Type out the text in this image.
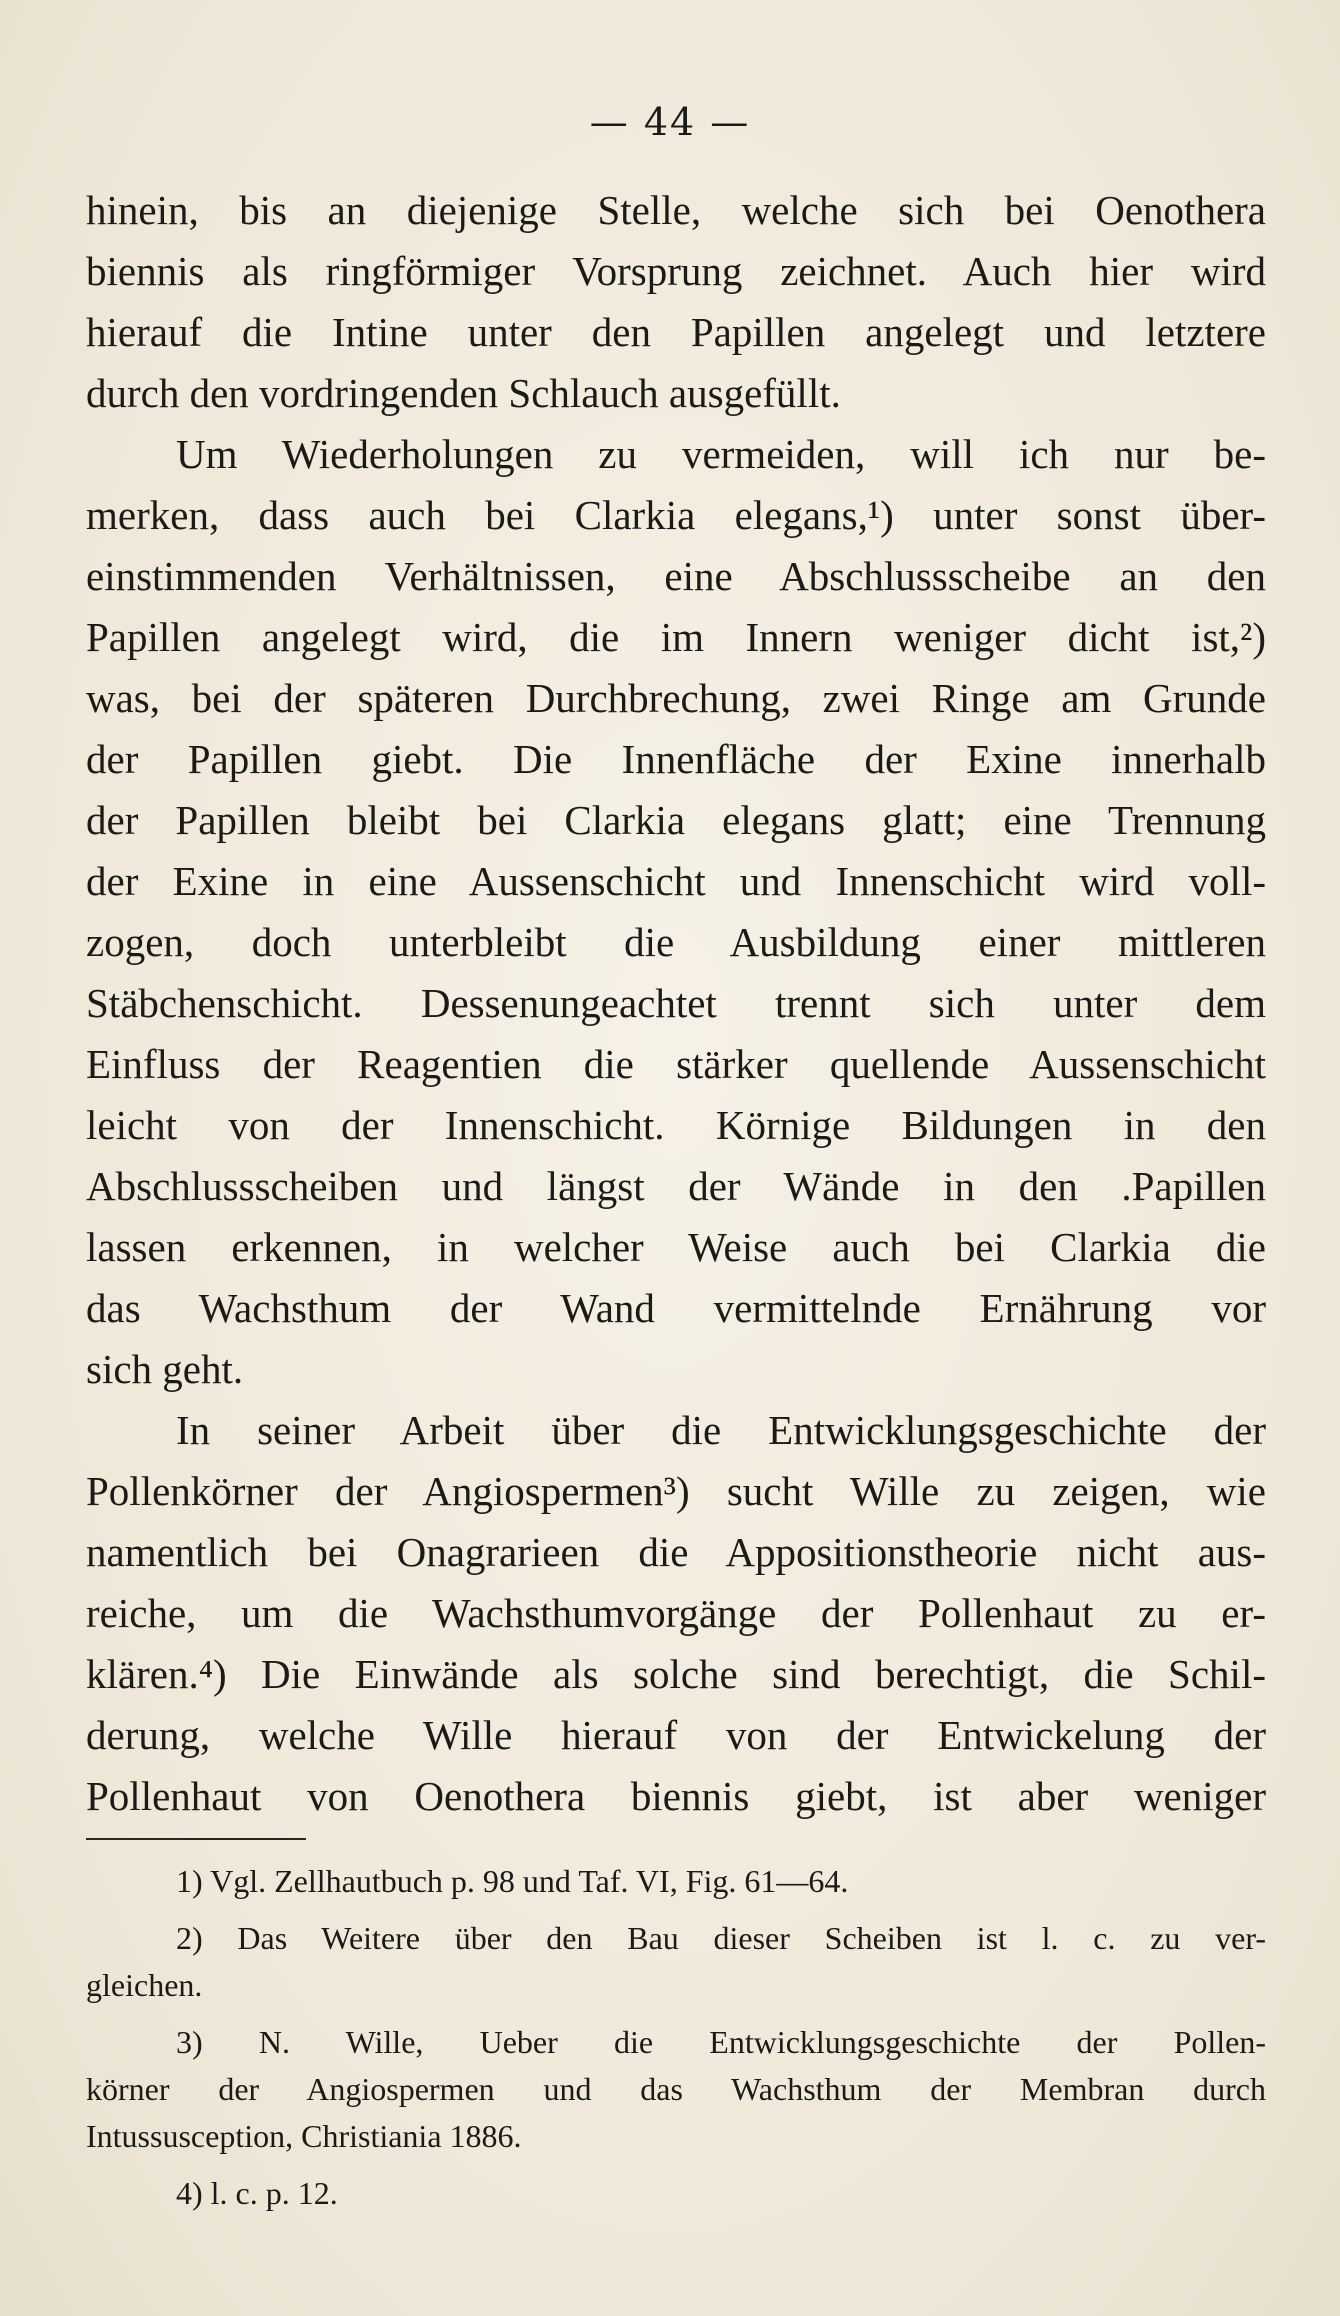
— 44 —
hinein, bis an diejenige Stelle, welche sich bei Oenothera
biennis als ringförmiger Vorsprung zeichnet. Auch hier wird
hierauf die Intine unter den Papillen angelegt und letztere
durch den vordringenden Schlauch ausgefüllt.
Um Wiederholungen zu vermeiden, will ich nur be-
merken, dass auch bei Clarkia elegans,¹) unter sonst über-
einstimmenden Verhältnissen, eine Abschlussscheibe an den
Papillen angelegt wird, die im Innern weniger dicht ist,²)
was, bei der späteren Durchbrechung, zwei Ringe am Grunde
der Papillen giebt. Die Innenfläche der Exine innerhalb
der Papillen bleibt bei Clarkia elegans glatt; eine Trennung
der Exine in eine Aussenschicht und Innenschicht wird voll-
zogen, doch unterbleibt die Ausbildung einer mittleren
Stäbchenschicht. Dessenungeachtet trennt sich unter dem
Einfluss der Reagentien die stärker quellende Aussenschicht
leicht von der Innenschicht. Körnige Bildungen in den
Abschlussscheiben und längst der Wände in den .Papillen
lassen erkennen, in welcher Weise auch bei Clarkia die
das Wachsthum der Wand vermittelnde Ernährung vor
sich geht.
In seiner Arbeit über die Entwicklungsgeschichte der
Pollenkörner der Angiospermen³) sucht Wille zu zeigen, wie
namentlich bei Onagrarieen die Appositionstheorie nicht aus-
reiche, um die Wachsthumvorgänge der Pollenhaut zu er-
klären.⁴) Die Einwände als solche sind berechtigt, die Schil-
derung, welche Wille hierauf von der Entwickelung der
Pollenhaut von Oenothera biennis giebt, ist aber weniger
1) Vgl. Zellhautbuch p. 98 und Taf. VI, Fig. 61—64.
2) Das Weitere über den Bau dieser Scheiben ist l. c. zu ver-
gleichen.
3) N. Wille, Ueber die Entwicklungsgeschichte der Pollen-
körner der Angiospermen und das Wachsthum der Membran durch
Intussusception, Christiania 1886.
4) l. c. p. 12.
